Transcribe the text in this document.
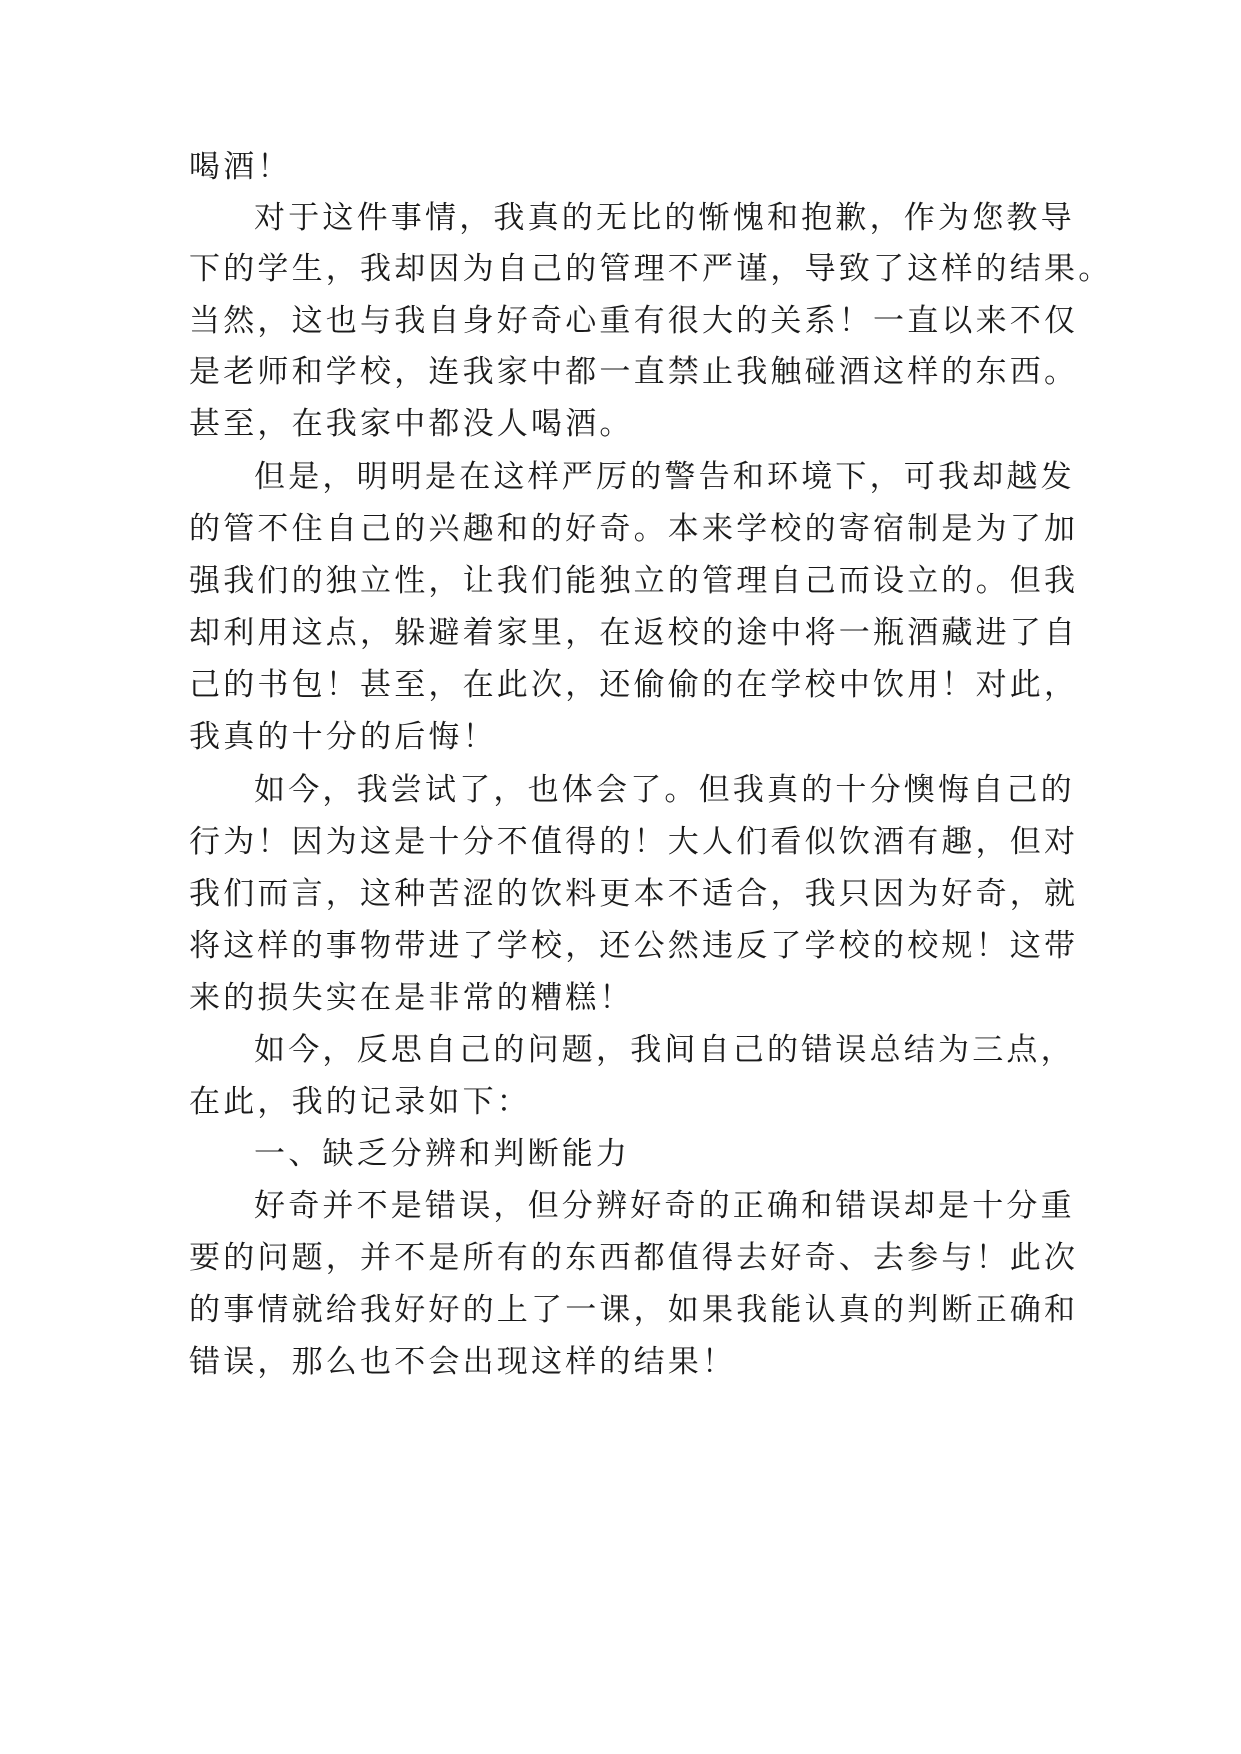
喝酒！
对于这件事情，我真的无比的惭愧和抱歉，作为您教导
下的学生，我却因为自己的管理不严谨，导致了这样的结果。
当然，这也与我自身好奇心重有很大的关系！一直以来不仅
是老师和学校，连我家中都一直禁止我触碰酒这样的东西。
甚至，在我家中都没人喝酒。
但是，明明是在这样严厉的警告和环境下，可我却越发
的管不住自己的兴趣和的好奇。本来学校的寄宿制是为了加
强我们的独立性，让我们能独立的管理自己而设立的。但我
却利用这点，躲避着家里，在返校的途中将一瓶酒藏进了自
己的书包！甚至，在此次，还偷偷的在学校中饮用！对此，
我真的十分的后悔！
如今，我尝试了，也体会了。但我真的十分懊悔自己的
行为！因为这是十分不值得的！大人们看似饮酒有趣，但对
我们而言，这种苦涩的饮料更本不适合，我只因为好奇，就
将这样的事物带进了学校，还公然违反了学校的校规！这带
来的损失实在是非常的糟糕！
如今，反思自己的问题，我间自己的错误总结为三点，
在此，我的记录如下：
一、缺乏分辨和判断能力
好奇并不是错误，但分辨好奇的正确和错误却是十分重
要的问题，并不是所有的东西都值得去好奇、去参与！此次
的事情就给我好好的上了一课，如果我能认真的判断正确和
错误，那么也不会出现这样的结果！
